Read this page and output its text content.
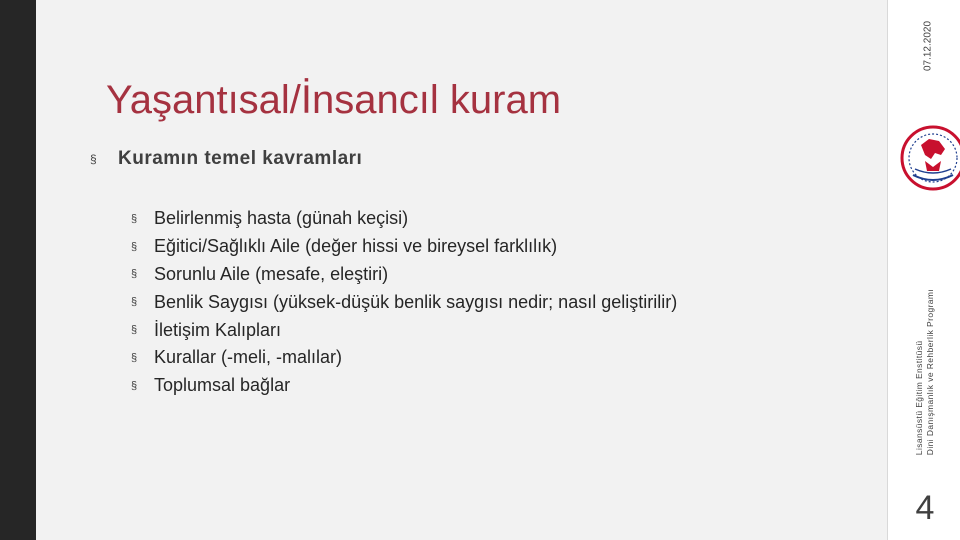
Yaşantısal/İnsancıl kuram
§	Kuramın temel kavramları
§ Belirlenmiş hasta (günah keçisi)
§ Eğitici/Sağlıklı Aile (değer hissi ve bireysel farklılık)
§ Sorunlu Aile (mesafe, eleştiri)
§ Benlik Saygısı (yüksek-düşük benlik saygısı nedir; nasıl geliştirilir)
§ İletişim Kalıpları
§ Kurallar (-meli, -malılar)
§ Toplumsal bağlar
07.12.2020
Lisansüstü Eğitim Enstitüsü Dini Danışmanlık ve Rehberlik Programı
4
